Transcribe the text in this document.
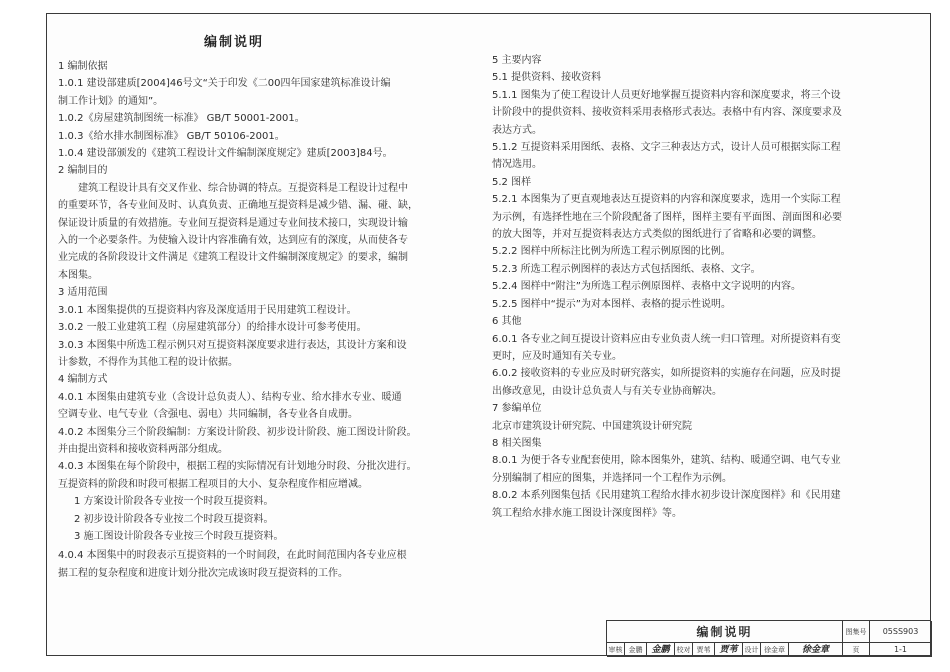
编制说明

1 编制依据

1.0.1 建设部建质[2004]46号文“关于印发《二00四年国家建筑标准设计编

制工作计划》的通知”。

1.0.2《房屋建筑制图统一标准》 GB/T 50001-2001。

1.0.3《给水排水制图标准》 GB/T 50106-2001。

1.0.4 建设部颁发的《建筑工程设计文件编制深度规定》建质[2003]84号。

2 编制目的

建筑工程设计具有交叉作业、综合协调的特点。互提资料是工程设计过程中

的重要环节，各专业间及时、认真负责、正确地互提资料是减少错、漏、碰、缺，

保证设计质量的有效措施。专业间互提资料是通过专业间技术接口，实现设计输

入的一个必要条件。为使输入设计内容准确有效，达到应有的深度，从而使各专

业完成的各阶段设计文件满足《建筑工程设计文件编制深度规定》的要求，编制

本图集。

3 适用范围

3.0.1 本图集提供的互提资料内容及深度适用于民用建筑工程设计。

3.0.2 一般工业建筑工程（房屋建筑部分）的给排水设计可参考使用。

3.0.3 本图集中所选工程示例只对互提资料深度要求进行表达，其设计方案和设

计参数，不得作为其他工程的设计依据。

4 编制方式

4.0.1 本图集由建筑专业（含设计总负责人）、结构专业、给水排水专业、暖通

空调专业、电气专业（含强电、弱电）共同编制，各专业各自成册。

4.0.2 本图集分三个阶段编制：方案设计阶段、初步设计阶段、施工图设计阶段。

并由提出资料和接收资料两部分组成。

4.0.3 本图集在每个阶段中，根据工程的实际情况有计划地分时段、分批次进行。

互提资料的阶段和时段可根据工程项目的大小、复杂程度作相应增减。

1 方案设计阶段各专业按一个时段互提资料。

2 初步设计阶段各专业按二个时段互提资料。

3 施工图设计阶段各专业按三个时段互提资料。

4.0.4 本图集中的时段表示互提资料的一个时间段，在此时间范围内各专业应根

据工程的复杂程度和进度计划分批次完成该时段互提资料的工作。

5 主要内容

5.1 提供资料、接收资料

5.1.1 图集为了使工程设计人员更好地掌握互提资料内容和深度要求，将三个设

计阶段中的提供资料、接收资料采用表格形式表达。表格中有内容、深度要求及

表达方式。

5.1.2 互提资料采用图纸、表格、文字三种表达方式，设计人员可根据实际工程

情况选用。

5.2 图样

5.2.1 本图集为了更直观地表达互提资料的内容和深度要求，选用一个实际工程

为示例，有选择性地在三个阶段配备了图样，图样主要有平面图、剖面图和必要

的放大图等，并对互提资料表达方式类似的图纸进行了省略和必要的调整。

5.2.2 图样中所标注比例为所选工程示例原图的比例。

5.2.3 所选工程示例图样的表达方式包括图纸、表格、文字。

5.2.4 图样中“附注”为所选工程示例原图样、表格中文字说明的内容。

5.2.5 图样中“提示”为对本图样、表格的提示性说明。

6 其他

6.0.1 各专业之间互提设计资料应由专业负责人统一归口管理。对所提资料有变

更时，应及时通知有关专业。

6.0.2 接收资料的专业应及时研究落实，如所提资料的实施存在问题，应及时提

出修改意见，由设计总负责人与有关专业协商解决。

7 参编单位

北京市建筑设计研究院、中国建筑设计研究院

8 相关图集

8.0.1 为便于各专业配套使用，除本图集外，建筑、结构、暖通空调、电气专业

分别编制了相应的图集，并选择同一个工程作为示例。

8.0.2 本系列图集包括《民用建筑工程给水排水初步设计深度图样》和《民用建

筑工程给水排水施工图设计深度图样》等。

编制说明	图集号	05SS903
审核 金鹏 金鹏	校对 贾苇 贾苇	设计 徐金章	徐金章	页	1-1
